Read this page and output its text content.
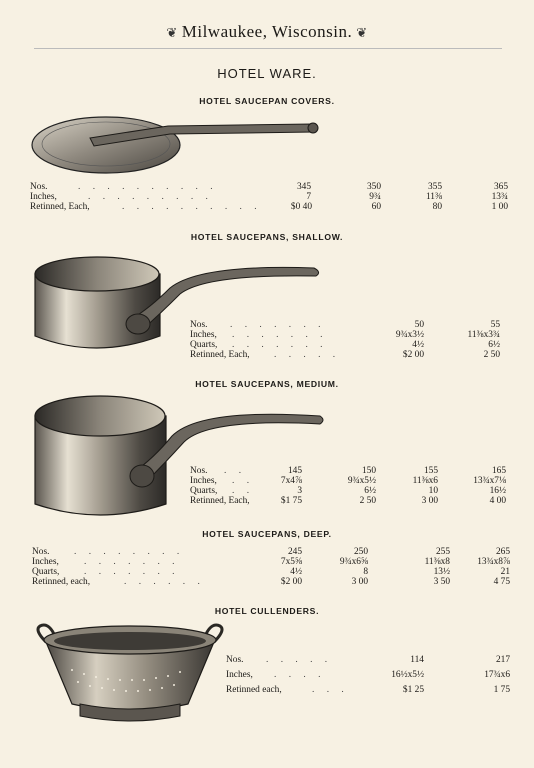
❦ Milwaukee, Wisconsin. ❦
HOTEL WARE.
HOTEL SAUCEPAN COVERS.
Nos.	. . . . . . . . . .	345	350	355	365
Inches,	. . . . . . . . .	7	9¾	11⅜	13¾
Retinned, Each,	. . . . . . . . . .	$0 40	60	80	1 00
HOTEL SAUCEPANS, SHALLOW.
Nos. . . . . . . .	50	55
Inches, . . . . . . .	9¾x3½	11⅜x3¾
Quarts, . . . . . . .	4½	6½
Retinned, Each,	. . . . .	$2 00	2 50
HOTEL SAUCEPANS, MEDIUM.
Nos. . .	145	150	155	165
Inches, . .	7x4⅞	9¾x5½	11⅜x6	13¾x7⅛
Quarts, . .	3	6½	10	16½
Retinned, Each,	$1 75	2 50	3 00	4 00
HOTEL SAUCEPANS, DEEP.
Nos.	. . . . . . . .	245	250	255	265
Inches,	. . . . . . .	7x5⅝	9¾x6⅝	11⅜x8	13¾x8⅞
Quarts,	. . . . . . .	4½	8	13½	21
Retinned, each,	. . . . . .	$2 00	3 00	3 50	4 75
HOTEL CULLENDERS.
Nos. . . . . .	114	217
Inches, . . . .	16½x5½	17¾x6
Retinned each,	. . .	$1 25	1 75
